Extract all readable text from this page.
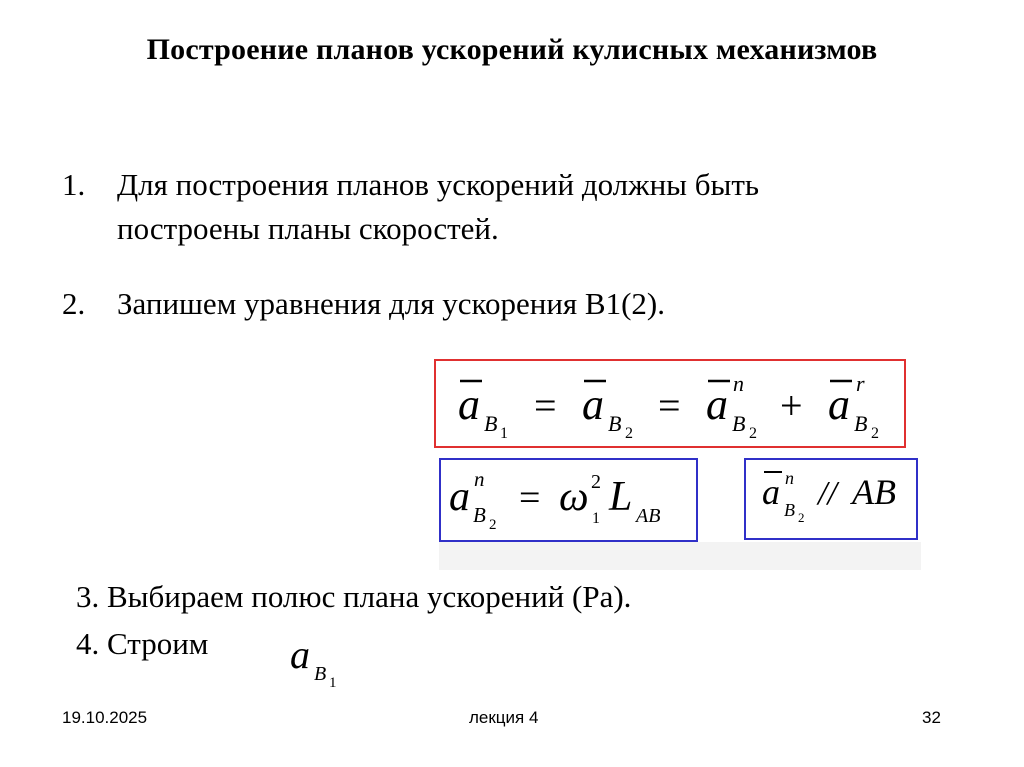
Построение планов ускорений кулисных механизмов
1. Для построения планов ускорений должны быть
построены планы скоростей.
2. Запишем уравнения для ускорения В1(2).
a B 1
= a B 2
= a n
B 2
+ a r
B 2
a n
B 2
= ω 2
1 L AB
a n
B 2
// AB
3. Выбираем полюс плана ускорений (Ра).
4. Строим a B 1
19.10.2025	лекция 4	32
